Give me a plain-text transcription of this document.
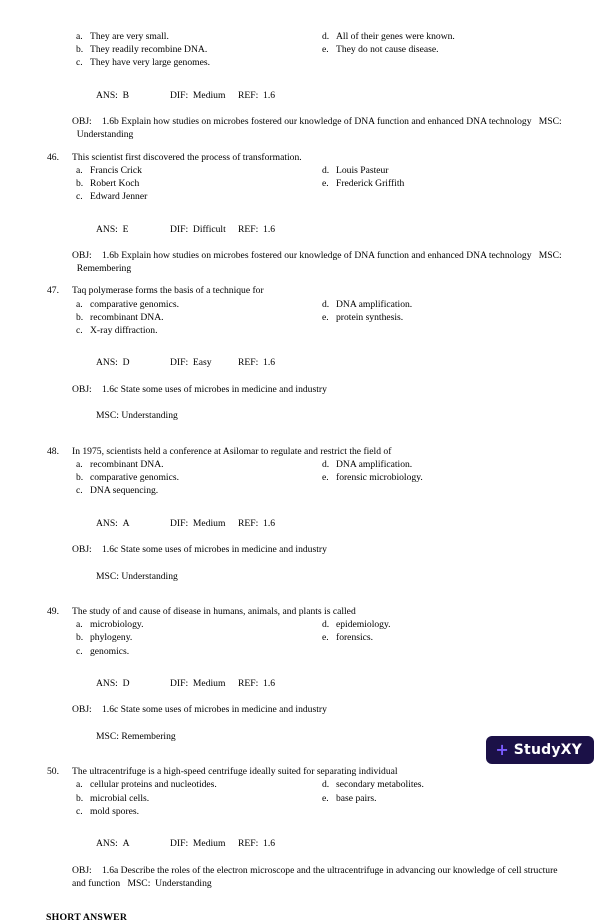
a. They are very small.
b. They readily recombine DNA.
c. They have very large genomes.
d. All of their genes were known.
e. They do not cause disease.

ANS: B	DIF: Medium REF: 1.6

OBJ: 1.6b Explain how studies on microbes fostered our knowledge of DNA function and enhanced DNA technology MSC:  Understanding
46.	This scientist first discovered the process of transformation.
a. Francis Crick
b. Robert Koch
c. Edward Jenner
d. Louis Pasteur
e. Frederick Griffith

ANS: E	DIF: Difficult REF: 1.6

OBJ: 1.6b Explain how studies on microbes fostered our knowledge of DNA function and enhanced DNA technology MSC:  Remembering
47.	Taq polymerase forms the basis of a technique for
a. comparative genomics.
b. recombinant DNA.
c. X-ray diffraction.
d. DNA amplification.
e. protein synthesis.

ANS: D	DIF: Easy	REF: 1.6

OBJ: 1.6c State some uses of microbes in medicine and industry

MSC: Understanding

48.	In 1975, scientists held a conference at Asilomar to regulate and restrict the field of
a. recombinant DNA.
b. comparative genomics.
c. DNA sequencing.
d. DNA amplification.
e. forensic microbiology.

ANS: A	DIF: Medium REF: 1.6

OBJ: 1.6c State some uses of microbes in medicine and industry

MSC: Understanding

49.	The study of and cause of disease in humans, animals, and plants is called
a. microbiology.
b. phylogeny.
c. genomics.
d. epidemiology.
e. forensics.

ANS: D	DIF: Medium REF: 1.6

OBJ: 1.6c State some uses of microbes in medicine and industry

MSC: Remembering

50.	The ultracentrifuge is a high-speed centrifuge ideally suited for separating individual
a. cellular proteins and nucleotides.
b. microbial cells.
c. mold spores.
d. secondary metabolites.
e. base pairs.

ANS: A	DIF: Medium REF: 1.6

OBJ: 1.6a Describe the roles of the electron microscope and the ultracentrifuge in advancing our knowledge of cell structure and function MSC: Understanding
SHORT ANSWER
+ StudyXY
